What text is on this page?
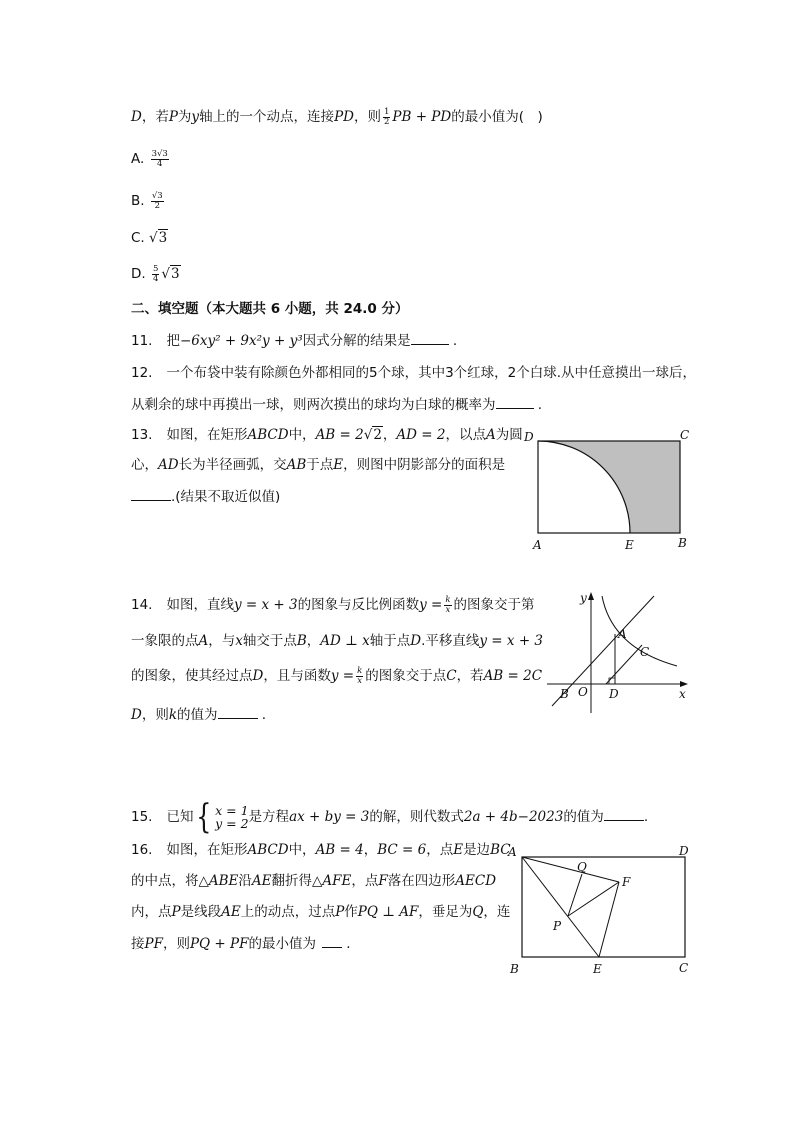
D，若P为y轴上的一个动点，连接PD，则 $\frac{1}{2}$ PB + PD的最小值为(　)
A. $\frac{3√3}{4}$
B. $\frac{√3}{2}$
C. √3
D. $\frac{5}{4} √3$
二、填空题（本大题共 6 小题，共 24.0 分）
11. 把−6xy² + 9x²y + y³因式分解的结果是	.
12. 一个布袋中装有除颜色外都相同的5个球，其中3个红球，2个白球.从中任意摸出一球后，
从剩余的球中再摸出一球，则两次摸出的球均为白球的概率为	.
13. 如图，在矩形ABCD中，AB = 2√2，AD = 2，以点A为圆
心，AD长为半径画弧，交AB于点E，则图中阴影部分的面积是
.(结果不取近似值)
D	C
A	E	B
14. 如图，直线y = x + 3的图象与反比例函数$y = \frac{k}{x}$ 的图象交于第
一象限的点A，与x轴交于点B，AD ⊥ x轴于点D.平移直线y = x + 3
的图象，使其经过点D，且与函数$y = \frac{k}{x}$ 的图象交于点C，若AB = 2C
D，则k的值为	.
y
A
C
B O D	x
15. 已知 { x = 1
y = 2 是方程ax + by = 3的解，则代数式2a + 4b−2023的值为	.
16. 如图，在矩形ABCD中，AB = 4，BC = 6，点E是边BC
的中点，将△ABE沿AE翻折得△AFE，点F落在四边形AECD
内，点P是线段AE上的动点，过点P作PQ ⊥ AF，垂足为Q，连
接PF，则PQ + PF的最小值为 .
A	D
Q
F
P
B	E	C
